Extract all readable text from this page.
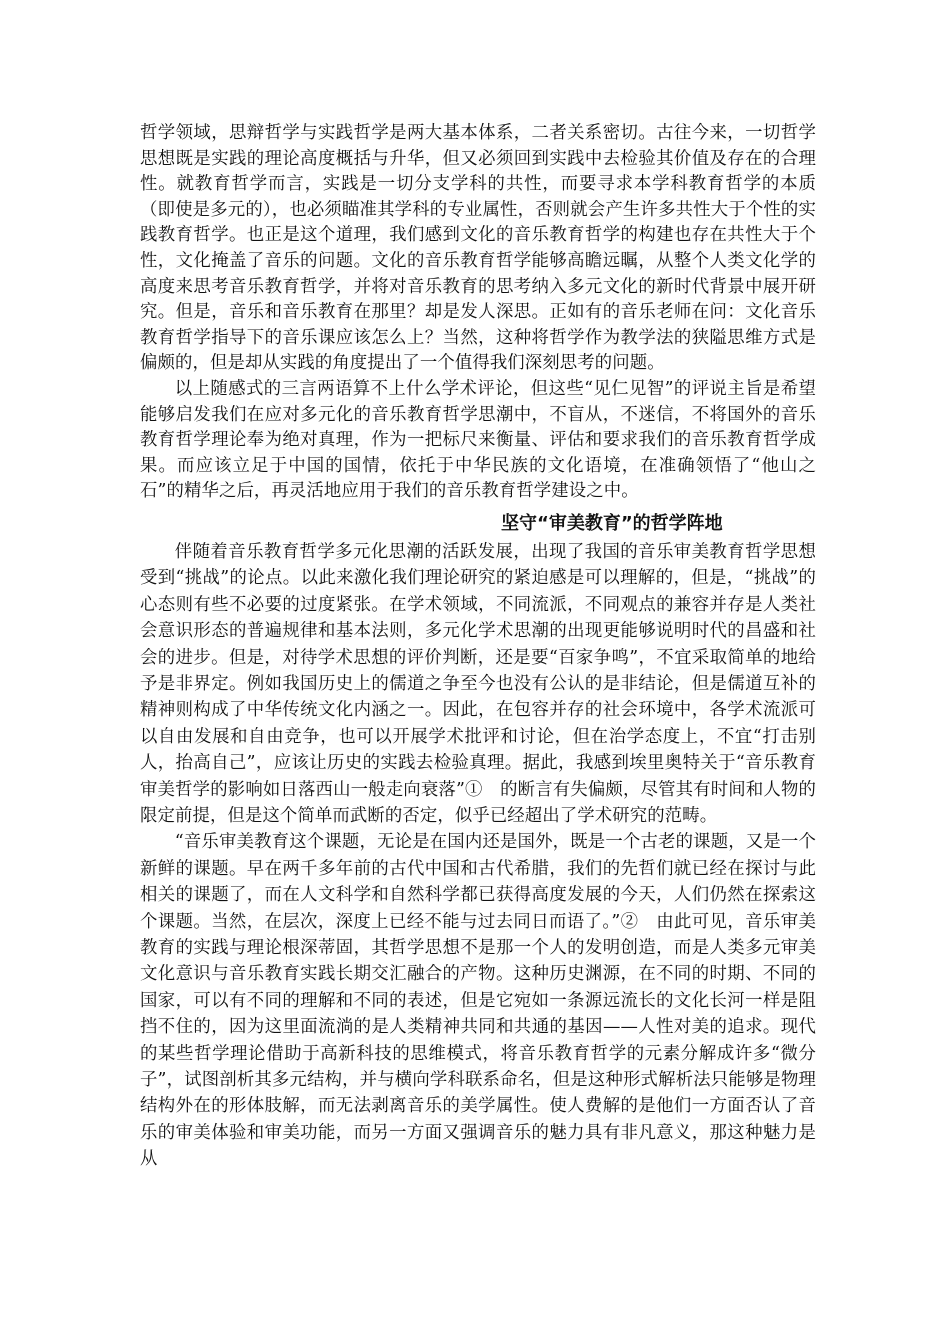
哲学领域，思辩哲学与实践哲学是两大基本体系，二者关系密切。古往今来，一切哲学思想既是实践的理论高度概括与升华，但又必须回到实践中去检验其价值及存在的合理性。就教育哲学而言，实践是一切分支学科的共性，而要寻求本学科教育哲学的本质（即使是多元的），也必须瞄准其学科的专业属性，否则就会产生许多共性大于个性的实践教育哲学。也正是这个道理，我们感到文化的音乐教育哲学的构建也存在共性大于个性，文化掩盖了音乐的问题。文化的音乐教育哲学能够高瞻远瞩，从整个人类文化学的高度来思考音乐教育哲学，并将对音乐教育的思考纳入多元文化的新时代背景中展开研究。但是，音乐和音乐教育在那里？却是发人深思。正如有的音乐老师在问：文化音乐教育哲学指导下的音乐课应该怎么上？当然，这种将哲学作为教学法的狭隘思维方式是偏颇的，但是却从实践的角度提出了一个值得我们深刻思考的问题。

以上随感式的三言两语算不上什么学术评论，但这些“见仁见智”的评说主旨是希望能够启发我们在应对多元化的音乐教育哲学思潮中，不盲从，不迷信，不将国外的音乐教育哲学理论奉为绝对真理，作为一把标尺来衡量、评估和要求我们的音乐教育哲学成果。而应该立足于中国的国情，依托于中华民族的文化语境，在准确领悟了“他山之石”的精华之后，再灵活地应用于我们的音乐教育哲学建设之中。

坚守“审美教育”的哲学阵地

伴随着音乐教育哲学多元化思潮的活跃发展，出现了我国的音乐审美教育哲学思想受到“挑战”的论点。以此来激化我们理论研究的紧迫感是可以理解的，但是，“挑战”的心态则有些不必要的过度紧张。在学术领域，不同流派，不同观点的兼容并存是人类社会意识形态的普遍规律和基本法则，多元化学术思潮的出现更能够说明时代的昌盛和社会的进步。但是，对待学术思想的评价判断，还是要“百家争鸣”，不宜采取简单的地给予是非界定。例如我国历史上的儒道之争至今也没有公认的是非结论，但是儒道互补的精神则构成了中华传统文化内涵之一。因此，在包容并存的社会环境中，各学术流派可以自由发展和自由竞争，也可以开展学术批评和讨论，但在治学态度上，不宜“打击别人，抬高自己”，应该让历史的实践去检验真理。据此，我感到埃里奥特关于“音乐教育审美哲学的影响如日落西山一般走向衰落”①　的断言有失偏颇，尽管其有时间和人物的限定前提，但是这个简单而武断的否定，似乎已经超出了学术研究的范畴。

“音乐审美教育这个课题，无论是在国内还是国外，既是一个古老的课题，又是一个新鲜的课题。早在两千多年前的古代中国和古代希腊，我们的先哲们就已经在探讨与此相关的课题了，而在人文科学和自然科学都已获得高度发展的今天，人们仍然在探索这个课题。当然，在层次，深度上已经不能与过去同日而语了。”②　由此可见，音乐审美教育的实践与理论根深蒂固，其哲学思想不是那一个人的发明创造，而是人类多元审美文化意识与音乐教育实践长期交汇融合的产物。这种历史渊源，在不同的时期、不同的国家，可以有不同的理解和不同的表述，但是它宛如一条源远流长的文化长河一样是阻挡不住的，因为这里面流淌的是人类精神共同和共通的基因——人性对美的追求。现代的某些哲学理论借助于高新科技的思维模式，将音乐教育哲学的元素分解成许多“微分子”，试图剖析其多元结构，并与横向学科联系命名，但是这种形式解析法只能够是物理结构外在的形体肢解，而无法剥离音乐的美学属性。使人费解的是他们一方面否认了音乐的审美体验和审美功能，而另一方面又强调音乐的魅力具有非凡意义，那这种魅力是从
